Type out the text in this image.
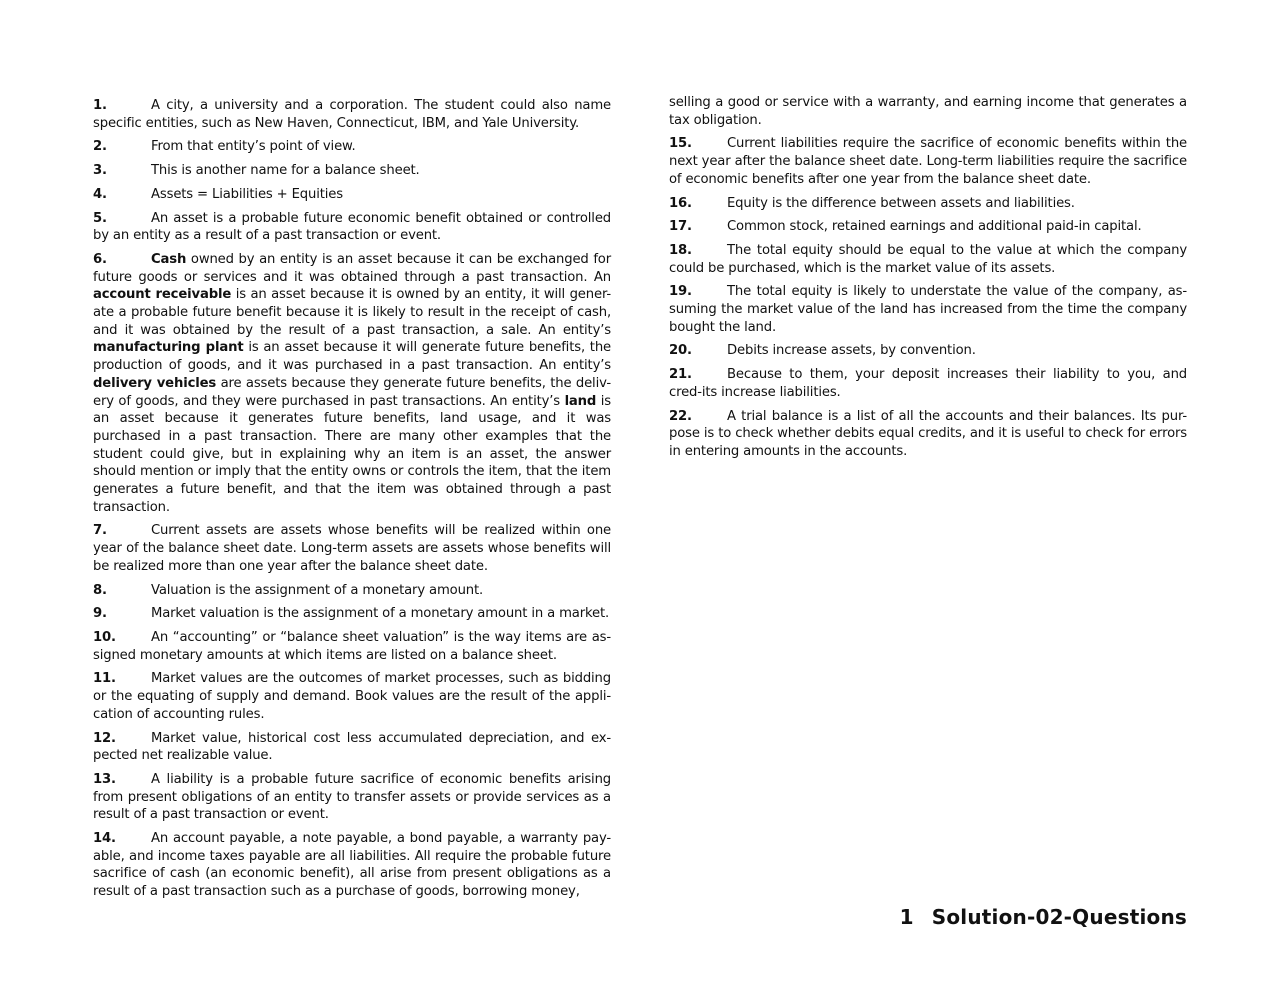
1.	A city, a university and a corporation. The student could also name specific entities, such as New Haven, Connecticut, IBM, and Yale University.

2.	From that entity’s point of view.

3.	This is another name for a balance sheet.

4.	Assets = Liabilities + Equities

5.	An asset is a probable future economic benefit obtained or controlled by an entity as a result of a past transaction or event.

6.	Cash owned by an entity is an asset because it can be exchanged for future goods or services and it was obtained through a past transaction. An account receivable is an asset because it is owned by an entity, it will gener-ate a probable future benefit because it is likely to result in the receipt of cash, and it was obtained by the result of a past transaction, a sale. An entity’s manufacturing plant is an asset because it will generate future benefits, the production of goods, and it was purchased in a past transaction. An entity’s delivery vehicles are assets because they generate future benefits, the deliv-ery of goods, and they were purchased in past transactions. An entity’s land is an asset because it generates future benefits, land usage, and it was purchased in a past transaction. There are many other examples that the student could give, but in explaining why an item is an asset, the answer should mention or imply that the entity owns or controls the item, that the item generates a future benefit, and that the item was obtained through a past transaction.

7.	Current assets are assets whose benefits will be realized within one year of the balance sheet date. Long-term assets are assets whose benefits will be realized more than one year after the balance sheet date.

8.	Valuation is the assignment of a monetary amount.

9.	Market valuation is the assignment of a monetary amount in a market.

10.	An “accounting” or “balance sheet valuation” is the way items are as-signed monetary amounts at which items are listed on a balance sheet.

11.	Market values are the outcomes of market processes, such as bidding or the equating of supply and demand. Book values are the result of the appli-cation of accounting rules.

12.	Market value, historical cost less accumulated depreciation, and ex-pected net realizable value.

13.	A liability is a probable future sacrifice of economic benefits arising from present obligations of an entity to transfer assets or provide services as a result of a past transaction or event.

14.	An account payable, a note payable, a bond payable, a warranty pay-able, and income taxes payable are all liabilities. All require the probable future sacrifice of cash (an economic benefit), all arise from present obligations as a result of a past transaction such as a purchase of goods, borrowing money,

selling a good or service with a warranty, and earning income that generates a tax obligation.

15.	Current liabilities require the sacrifice of economic benefits within the next year after the balance sheet date. Long-term liabilities require the sacrifice of economic benefits after one year from the balance sheet date.

16.	Equity is the difference between assets and liabilities.

17.	Common stock, retained earnings and additional paid-in capital.

18.	The total equity should be equal to the value at which the company could be purchased, which is the market value of its assets.

19.	The total equity is likely to understate the value of the company, as-suming the market value of the land has increased from the time the company bought the land.

20.	Debits increase assets, by convention.

21.	Because to them, your deposit increases their liability to you, and cred-its increase liabilities.

22.	A trial balance is a list of all the accounts and their balances. Its pur-pose is to check whether debits equal credits, and it is useful to check for errors in entering amounts in the accounts.

1 Solution-02-Questions
